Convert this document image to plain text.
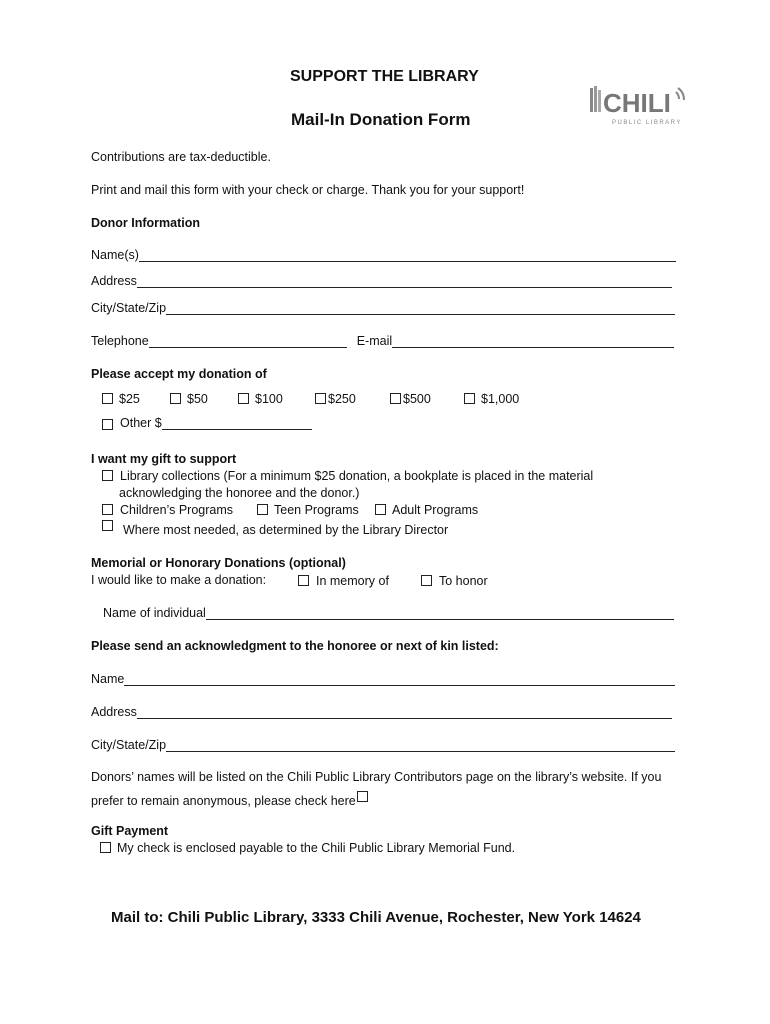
SUPPORT THE LIBRARY
Mail-In Donation Form
CHILI
PUBLIC LIBRARY
Contributions are tax-deductible.
Print and mail this form with your check or charge. Thank you for your support!
Donor Information
Name(s)
Address
City/State/Zip
Telephone	E-mail
Please accept my donation of
$25	$50	$100	$250	$500	$1,000
Other $
I want my gift to support
Library collections (For a minimum $25 donation, a bookplate is placed in the material
acknowledging the honoree and the donor.)
Children’s Programs	Teen Programs	Adult Programs
Where most needed, as determined by the Library Director
Memorial or Honorary Donations (optional)
I would like to make a donation:	In memory of	To honor
Name of individual
Please send an acknowledgment to the honoree or next of kin listed:
Name
Address
City/State/Zip
Donors’ names will be listed on the Chili Public Library Contributors page on the library’s website. If you
prefer to remain anonymous, please check here
Gift Payment
My check is enclosed payable to the Chili Public Library Memorial Fund.
Mail to: Chili Public Library, 3333 Chili Avenue, Rochester, New York 14624
